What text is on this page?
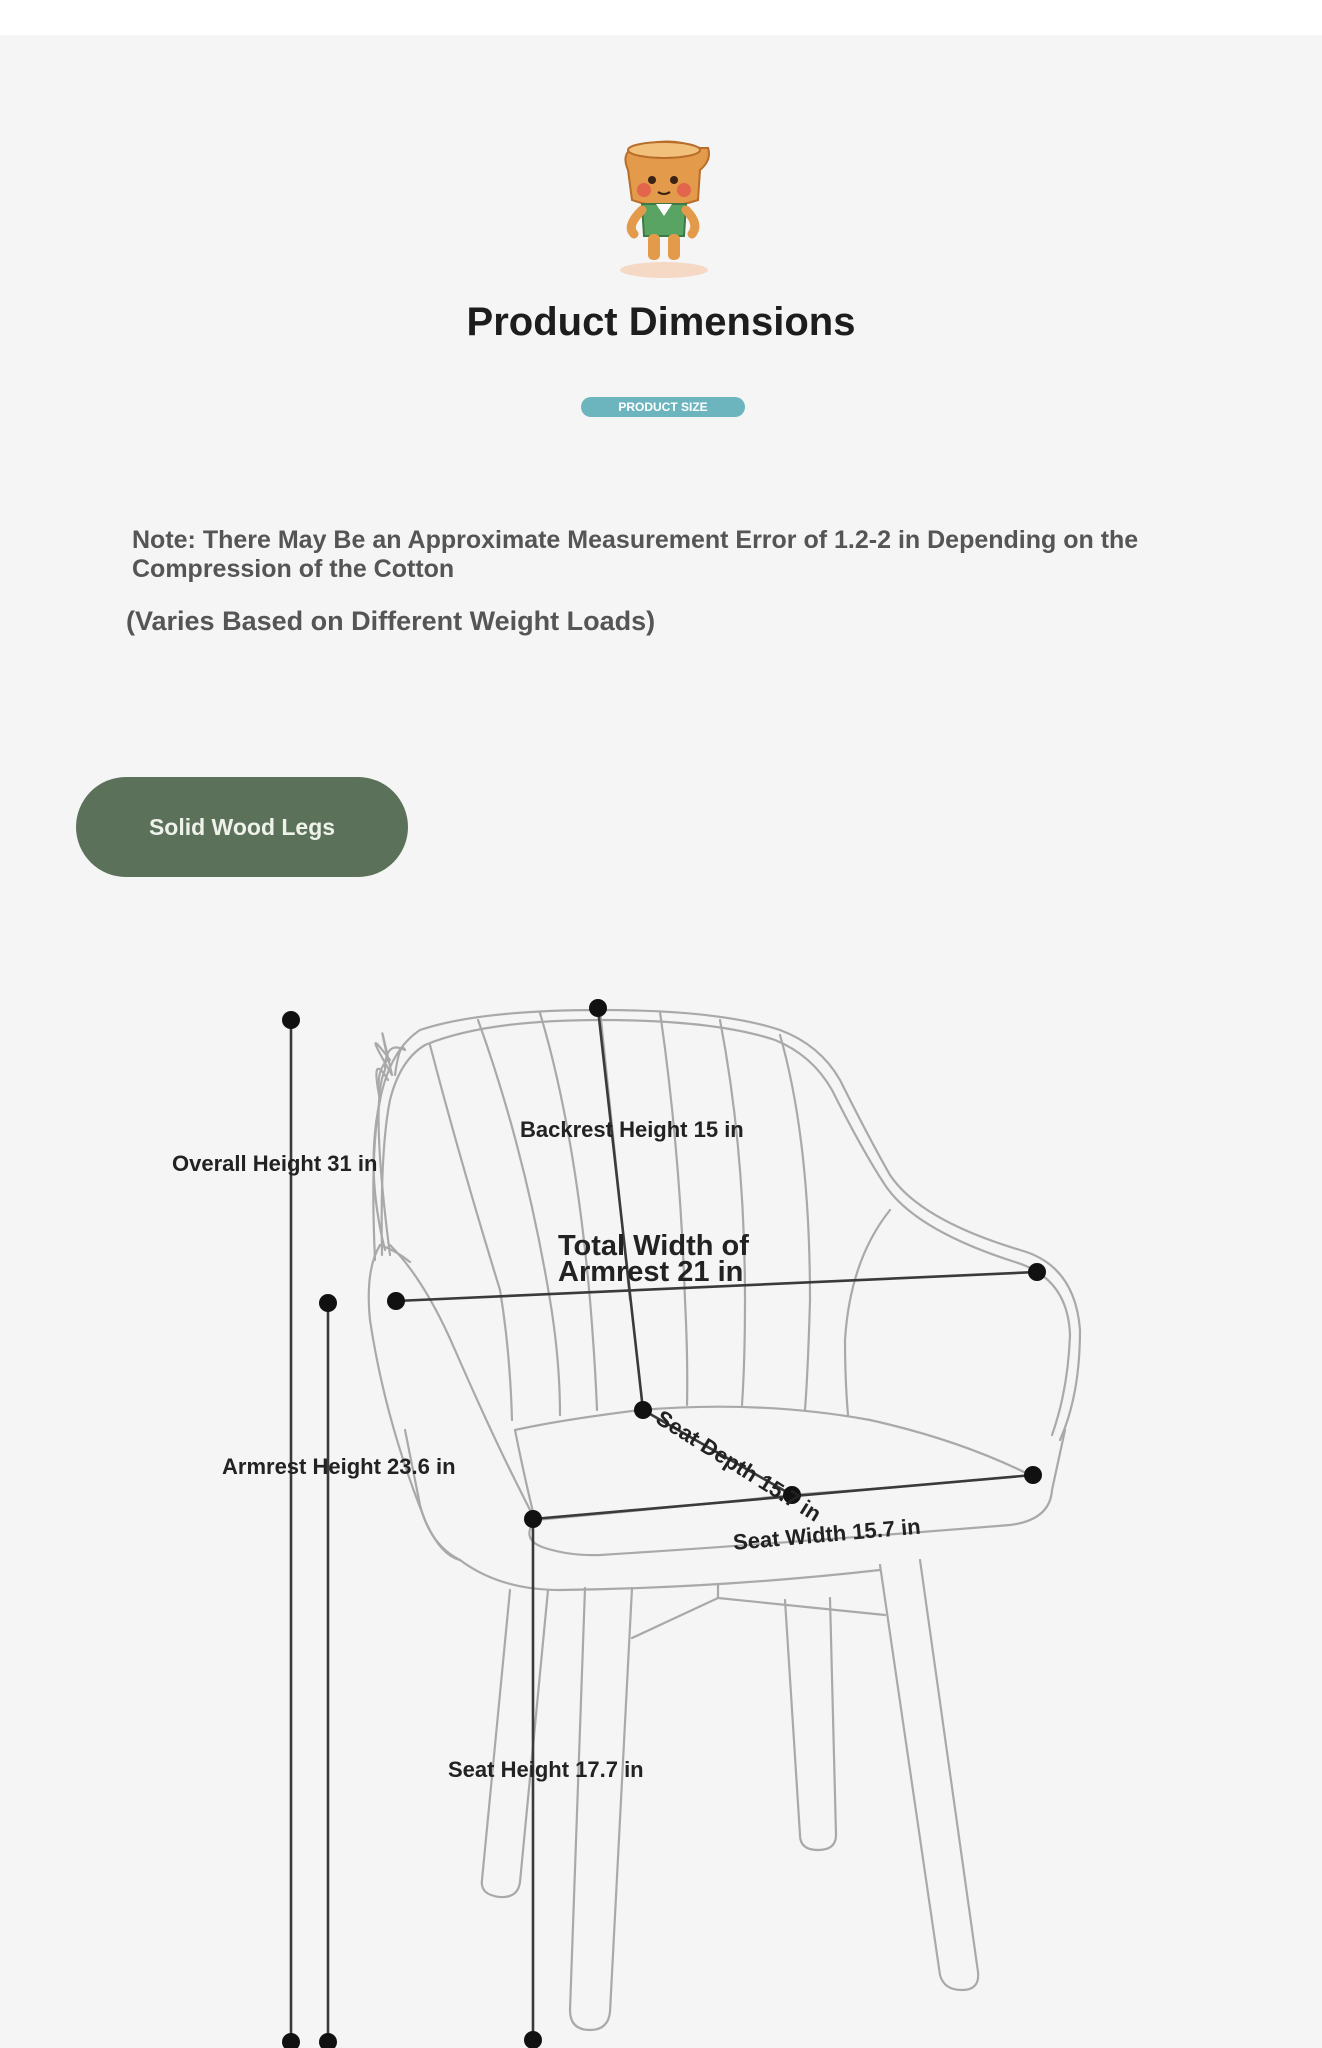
Product Dimensions
PRODUCT SIZE
Note: There May Be an Approximate Measurement Error of 1.2-2 in Depending on the Compression of the Cotton
(Varies Based on Different Weight Loads)
Solid Wood Legs
Overall Height 31 in
Backrest Height 15 in
Total Width of
Armrest 21 in
Seat Depth 15.7 in
Armrest Height 23.6 in
Seat Width 15.7 in
Seat Height 17.7 in
